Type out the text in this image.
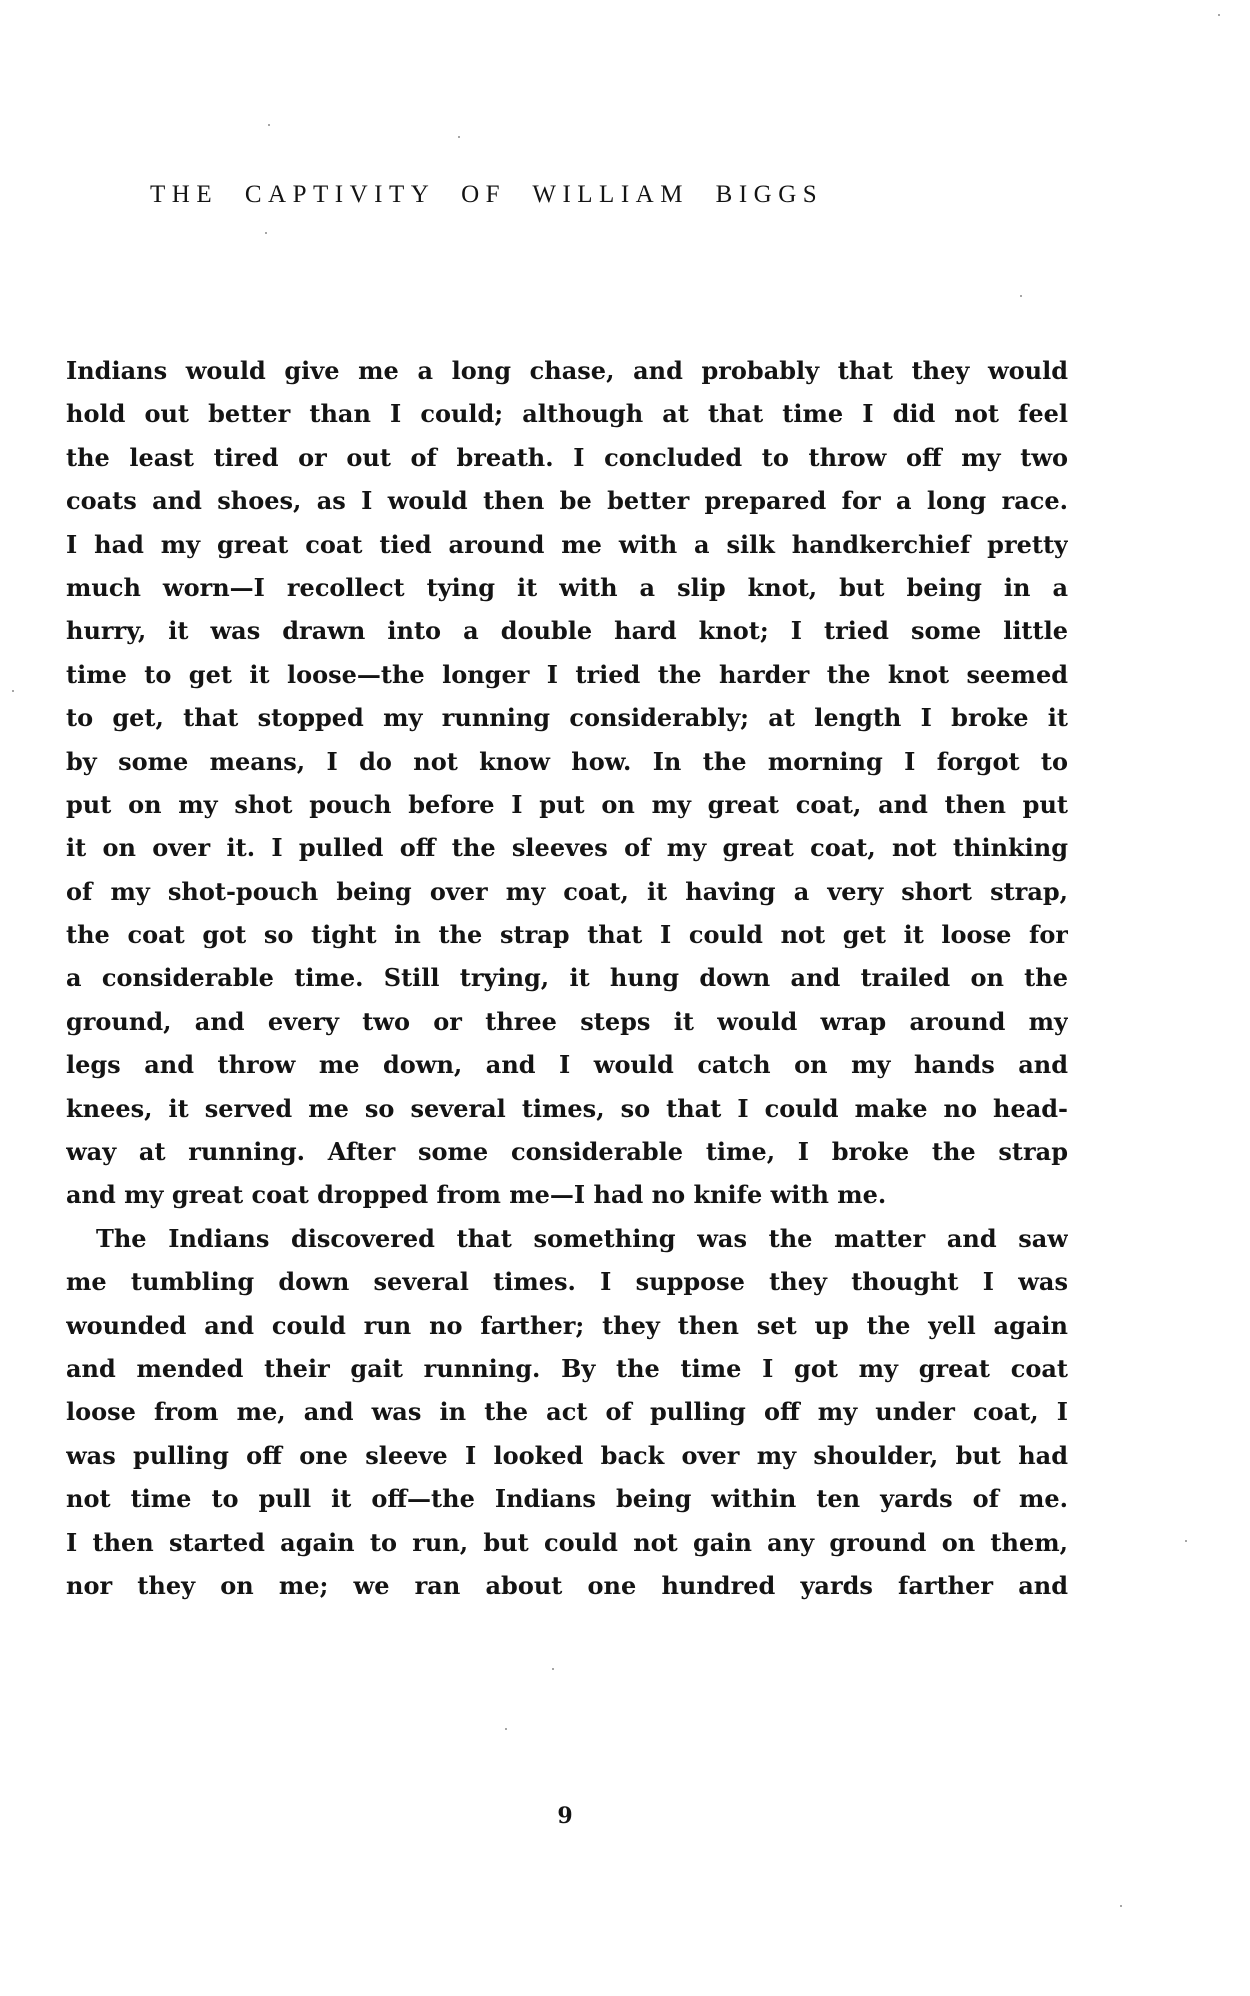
THE CAPTIVITY OF WILLIAM BIGGS
Indians would give me a long chase, and probably that they would
hold out better than I could; although at that time I did not feel
the least tired or out of breath. I concluded to throw off my two
coats and shoes, as I would then be better prepared for a long race.
I had my great coat tied around me with a silk handkerchief pretty
much worn—I recollect tying it with a slip knot, but being in a
hurry, it was drawn into a double hard knot; I tried some little
time to get it loose—the longer I tried the harder the knot seemed
to get, that stopped my running considerably; at length I broke it
by some means, I do not know how. In the morning I forgot to
put on my shot pouch before I put on my great coat, and then put
it on over it. I pulled off the sleeves of my great coat, not thinking
of my shot-pouch being over my coat, it having a very short strap,
the coat got so tight in the strap that I could not get it loose for
a considerable time. Still trying, it hung down and trailed on the
ground, and every two or three steps it would wrap around my
legs and throw me down, and I would catch on my hands and
knees, it served me so several times, so that I could make no head-
way at running. After some considerable time, I broke the strap
and my great coat dropped from me—I had no knife with me.
The Indians discovered that something was the matter and saw
me tumbling down several times. I suppose they thought I was
wounded and could run no farther; they then set up the yell again
and mended their gait running. By the time I got my great coat
loose from me, and was in the act of pulling off my under coat, I
was pulling off one sleeve I looked back over my shoulder, but had
not time to pull it off—the Indians being within ten yards of me.
I then started again to run, but could not gain any ground on them,
nor they on me; we ran about one hundred yards farther and
9
